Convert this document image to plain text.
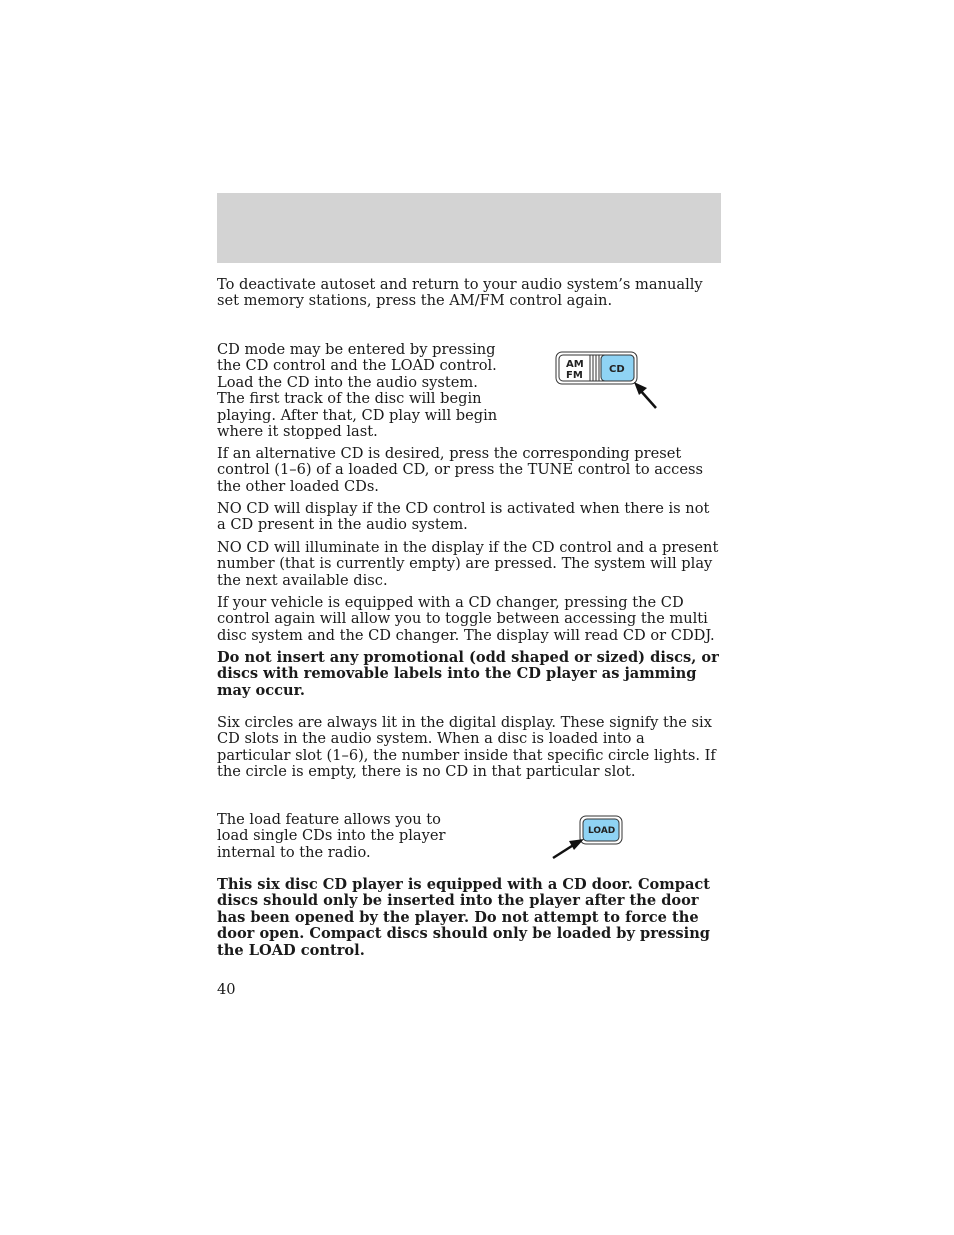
To deactivate autoset and return to your audio system’s manually set memory stations, press the AM/FM control again.

CD mode may be entered by pressing the CD control and the LOAD control. Load the CD into the audio system. The first track of the disc will begin playing. After that, CD play will begin where it stopped last.

AM
FM
CD

If an alternative CD is desired, press the corresponding preset control (1–6) of a loaded CD, or press the TUNE control to access the other loaded CDs.

NO CD will display if the CD control is activated when there is not a CD present in the audio system.

NO CD will illuminate in the display if the CD control and a present number (that is currently empty) are pressed. The system will play the next available disc.

If your vehicle is equipped with a CD changer, pressing the CD control again will allow you to toggle between accessing the multi disc system and the CD changer. The display will read CD or CDDJ.

Do not insert any promotional (odd shaped or sized) discs, or discs with removable labels into the CD player as jamming may occur.

Six circles are always lit in the digital display. These signify the six CD slots in the audio system. When a disc is loaded into a particular slot (1–6), the number inside that specific circle lights. If the circle is empty, there is no CD in that particular slot.

The load feature allows you to load single CDs into the player internal to the radio.

LOAD

This six disc CD player is equipped with a CD door. Compact discs should only be inserted into the player after the door has been opened by the player. Do not attempt to force the door open. Compact discs should only be loaded by pressing the LOAD control.

40
